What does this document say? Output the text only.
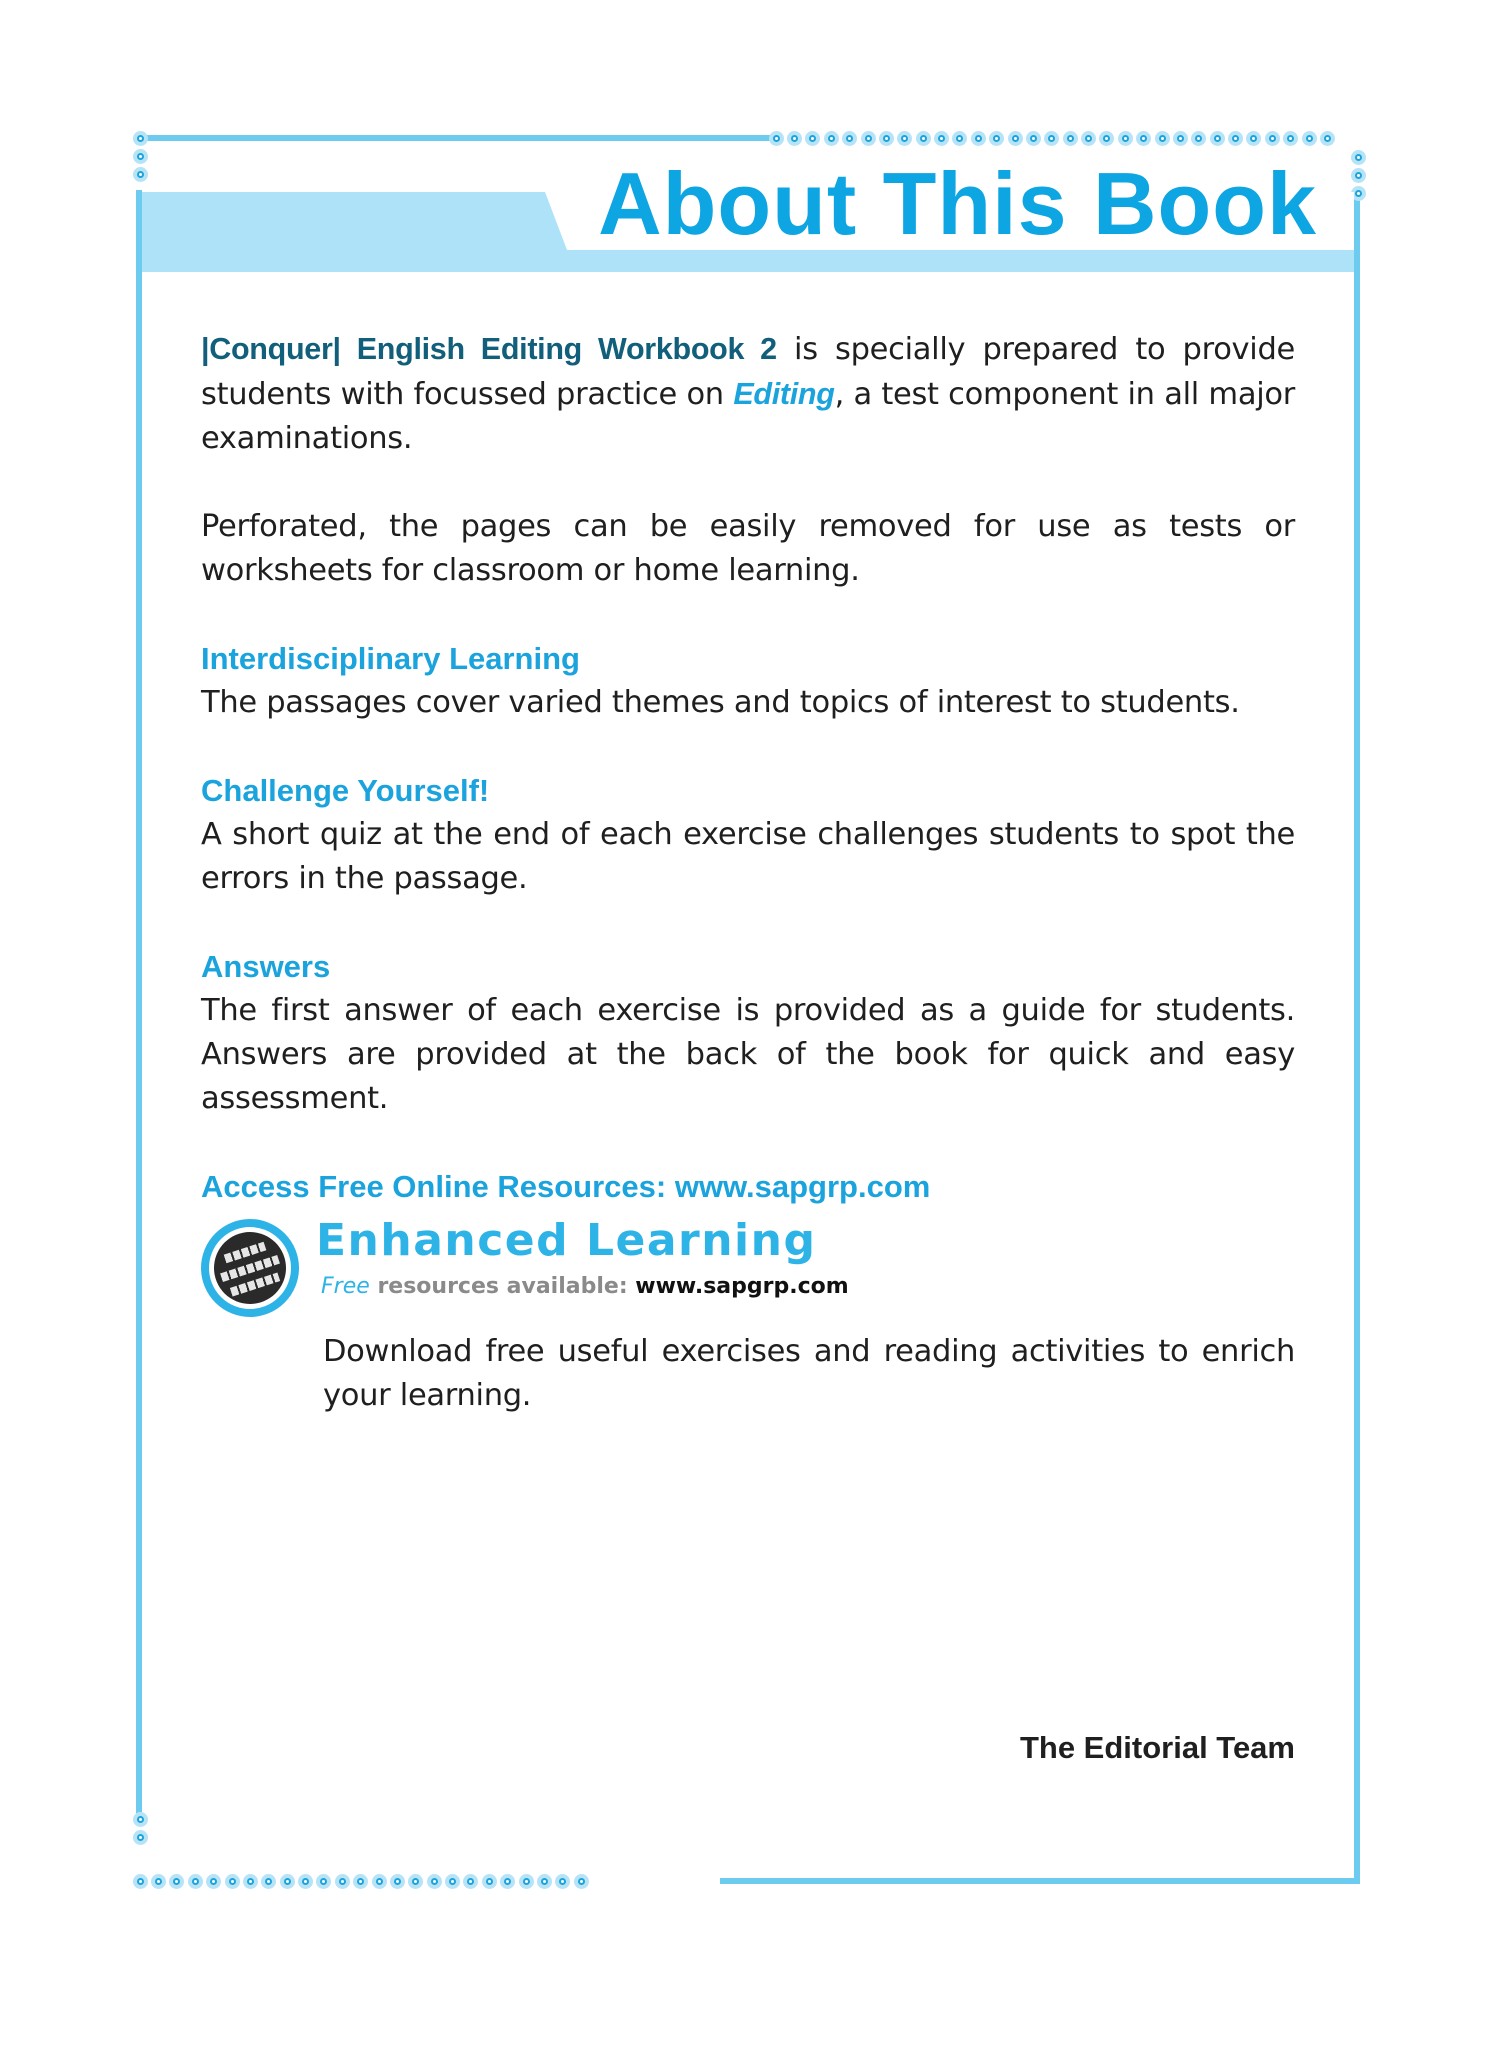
About This Book

|Conquer| English Editing Workbook 2 is specially prepared to provide students with focussed practice on Editing, a test component in all major examinations.

Perforated, the pages can be easily removed for use as tests or worksheets for classroom or home learning.

Interdisciplinary Learning

The passages cover varied themes and topics of interest to students.

Challenge Yourself!

A short quiz at the end of each exercise challenges students to spot the errors in the passage.

Answers

The first answer of each exercise is provided as a guide for students. Answers are provided at the back of the book for quick and easy assessment.

Access Free Online Resources: www.sapgrp.com
Enhanced Learning
Free resources available: www.sapgrp.com

Download free useful exercises and reading activities to enrich your learning.

The Editorial Team
